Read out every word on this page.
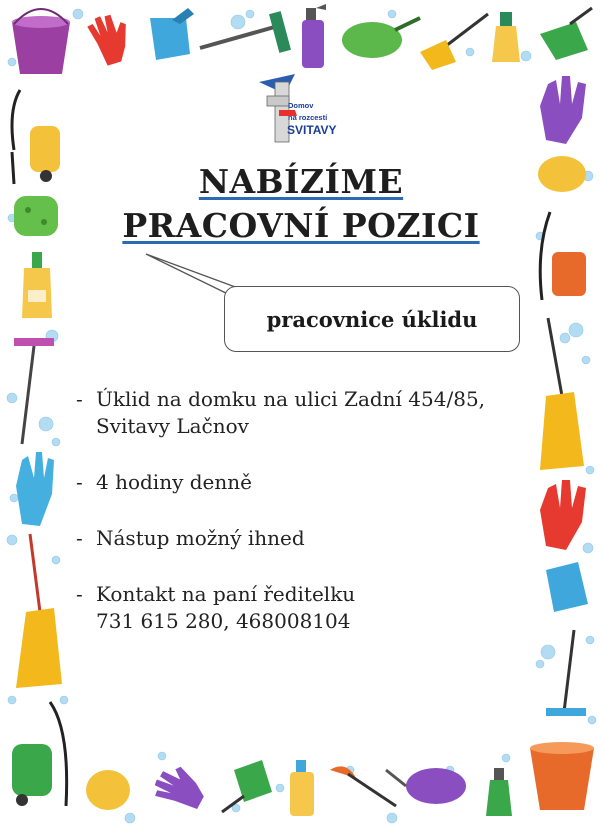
Domov
na rozcestí
SVITAVY
NABÍZÍME
PRACOVNÍ POZICI
pracovnice úklidu
- Úklid na domku na ulici Zadní 454/85,
Svitavy Lačnov
- 4 hodiny denně
- Nástup možný ihned
- Kontakt na paní ředitelku
731 615 280, 468008104
